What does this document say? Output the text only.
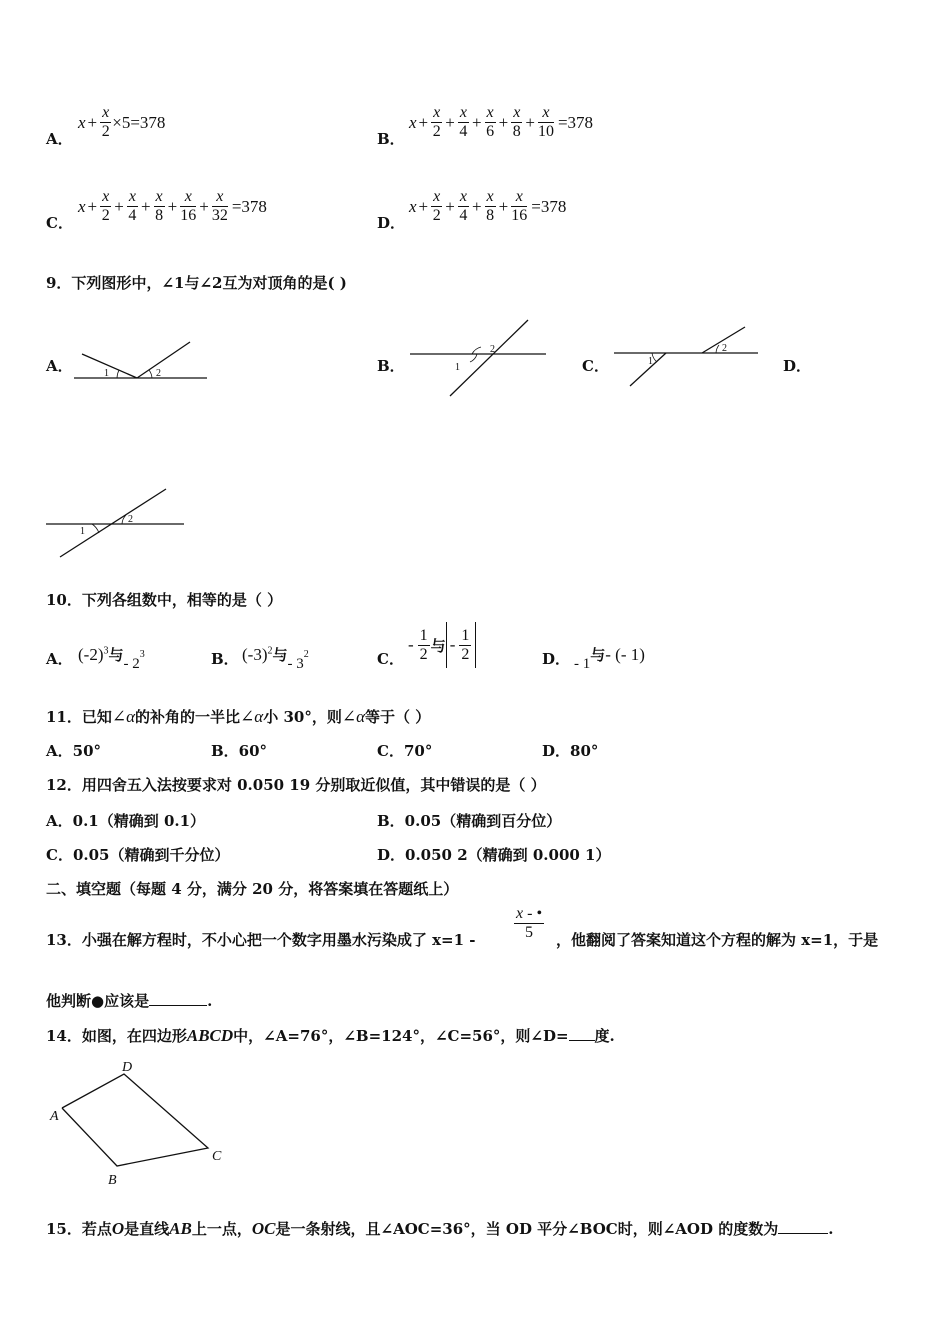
A．
$x + \frac{x}{2} \times 5 =378$
B．
$x + \frac{x}{2} + \frac{x}{4} + \frac{x}{6} + \frac{x}{8} + \frac{x}{10} =378$
C．
$x + \frac{x}{2} + \frac{x}{4} + \frac{x}{8} + \frac{x}{16} + \frac{x}{32} =378$
D．
$x + \frac{x}{2} + \frac{x}{4} + \frac{x}{8} + \frac{x}{16} =378$
9．下列图形中，∠1与∠2互为对顶角的是( )
A．	1	2	B．
2
1	C．	1
2
D．
1
2
10．下列各组数中，相等的是（ ）
A． $(-2)^3$与- $2^3$	B． $(-3)^2$与- $3^2$	C．
- $\frac{1}{2}$ 与 - $\frac{1}{2}$	D． - 1与- (- 1)
11．已知∠α的补角的一半比∠α小 30°，则∠α等于（ ）
A．50°	B．60°	C．70°	D．80°
12．用四舍五入法按要求对 0.050 19 分别取近似值，其中错误的是（ ）
A．0.1（精确到 0.1）	B．0.05（精确到百分位）
C．0.05（精确到千分位）	D．0.050 2（精确到 0.000 1）
二、填空题（每题 4 分，满分 20 分，将答案填在答题纸上）
13．小强在解方程时，不小心把一个数字用墨水污染成了 $x=1 - \frac{x - •}{5}$ ，他翻阅了答案知道这个方程的解为 x=1，于是
他判断●应该是	.
14．如图，在四边形ABCD中，∠A=76°，∠B=124°，∠C=56°，则∠D= 度.
A
B
C
D
15．若点O是直线AB上一点，OC是一条射线，且∠AOC=36°，当 OD 平分∠BOC时，则∠AOD 的度数为	.
